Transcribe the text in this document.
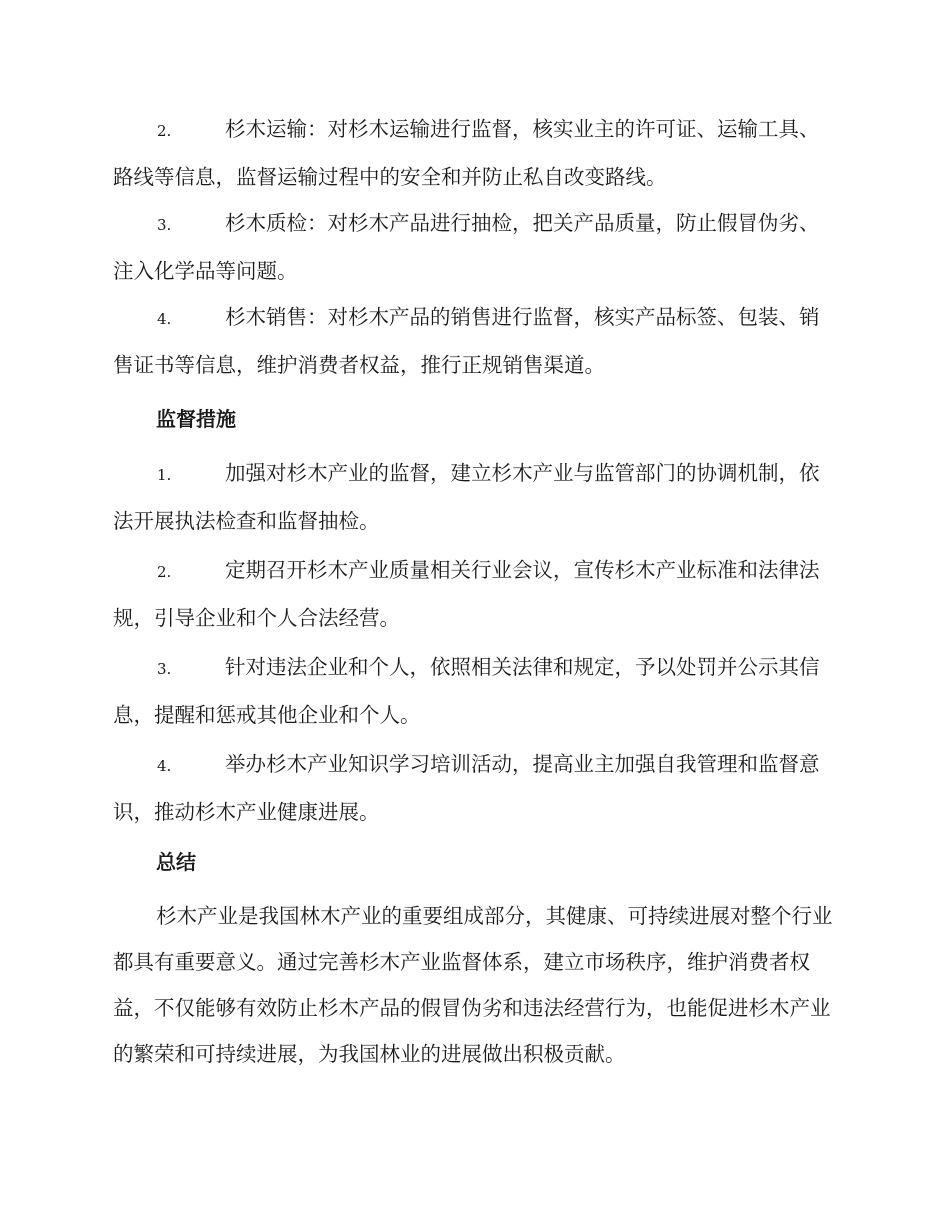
2.	杉木运输：对杉木运输进行监督，核实业主的许可证、运输工具、路线等信息，监督运输过程中的安全和并防止私自改变路线。

3.	杉木质检：对杉木产品进行抽检，把关产品质量，防止假冒伪劣、注入化学品等问题。

4.	杉木销售：对杉木产品的销售进行监督，核实产品标签、包装、销售证书等信息，维护消费者权益，推行正规销售渠道。

监督措施

1.	加强对杉木产业的监督，建立杉木产业与监管部门的协调机制，依法开展执法检查和监督抽检。

2.	定期召开杉木产业质量相关行业会议，宣传杉木产业标准和法律法规，引导企业和个人合法经营。

3.	针对违法企业和个人，依照相关法律和规定，予以处罚并公示其信息，提醒和惩戒其他企业和个人。

4.	举办杉木产业知识学习培训活动，提高业主加强自我管理和监督意识，推动杉木产业健康进展。

总结

杉木产业是我国林木产业的重要组成部分，其健康、可持续进展对整个行业都具有重要意义。通过完善杉木产业监督体系，建立市场秩序，维护消费者权益，不仅能够有效防止杉木产品的假冒伪劣和违法经营行为，也能促进杉木产业的繁荣和可持续进展，为我国林业的进展做出积极贡献。
